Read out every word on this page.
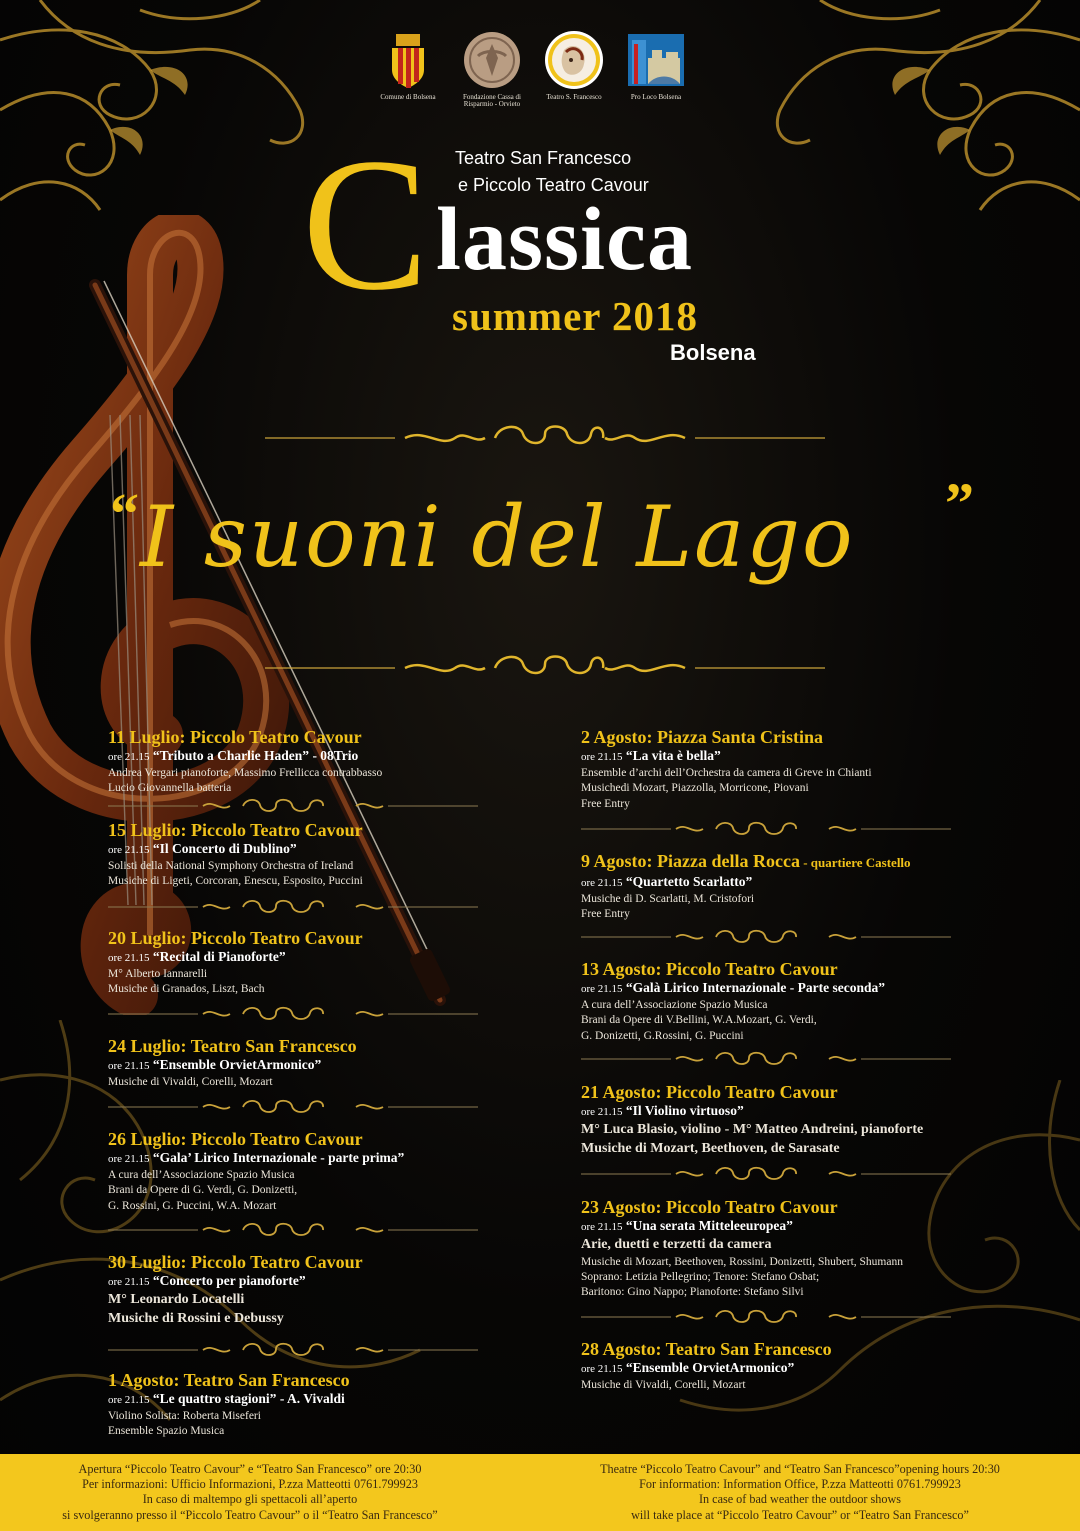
Comune di Bolsena	Fondazione Cassa di Risparmio - Orvieto
Teatro S. Francesco	Pro Loco Bolsena
Teatro San Francesco
e Piccolo Teatro Cavour
C lassica
summer 2018
Bolsena
“ I suoni del Lago ”
11 Luglio: Piccolo Teatro Cavour
ore 21.15 “Tributo a Charlie Haden” - 08Trio
Andrea Vergari pianoforte, Massimo Frellicca contrabbasso
Lucio Giovannella batteria
15 Luglio: Piccolo Teatro Cavour
ore 21.15 “Il Concerto di Dublino”
Solisti della National Symphony Orchestra of Ireland
Musiche di Ligeti, Corcoran, Enescu, Esposito, Puccini
20 Luglio: Piccolo Teatro Cavour
ore 21.15 “Recital di Pianoforte”
M° Alberto Iannarelli
Musiche di Granados, Liszt, Bach
24 Luglio: Teatro San Francesco
ore 21.15 “Ensemble OrvietArmonico”
Musiche di Vivaldi, Corelli, Mozart
26 Luglio: Piccolo Teatro Cavour
ore 21.15 “Gala’ Lirico Internazionale - parte prima”
A cura dell’Associazione Spazio Musica
Brani da Opere di G. Verdi, G. Donizetti,
G. Rossini, G. Puccini, W.A. Mozart
30 Luglio: Piccolo Teatro Cavour
ore 21.15 “Concerto per pianoforte”
M° Leonardo Locatelli
Musiche di Rossini e Debussy
1 Agosto: Teatro San Francesco
ore 21.15 “Le quattro stagioni” - A. Vivaldi
Violino Solista: Roberta Miseferi
Ensemble Spazio Musica
2 Agosto: Piazza Santa Cristina
ore 21.15 “La vita è bella”
Ensemble d’archi dell’Orchestra da camera di Greve in Chianti
Musichedi Mozart, Piazzolla, Morricone, Piovani
Free Entry
9 Agosto: Piazza della Rocca - quartiere Castello
ore 21.15 “Quartetto Scarlatto”
Musiche di D. Scarlatti, M. Cristofori
Free Entry
13 Agosto: Piccolo Teatro Cavour
ore 21.15 “Galà Lirico Internazionale - Parte seconda”
A cura dell’Associazione Spazio Musica
Brani da Opere di V.Bellini, W.A.Mozart, G. Verdi,
G. Donizetti, G.Rossini, G. Puccini
21 Agosto: Piccolo Teatro Cavour
ore 21.15 “Il Violino virtuoso”
M° Luca Blasio, violino - M° Matteo Andreini, pianoforte
Musiche di Mozart, Beethoven, de Sarasate
23 Agosto: Piccolo Teatro Cavour
ore 21.15 “Una serata Mitteleeuropea”
Arie, duetti e terzetti da camera
Musiche di Mozart, Beethoven, Rossini, Donizetti, Shubert, Shumann
Soprano: Letizia Pellegrino; Tenore: Stefano Osbat;
Baritono: Gino Nappo; Pianoforte: Stefano Silvi
28 Agosto: Teatro San Francesco
ore 21.15 “Ensemble OrvietArmonico”
Musiche di Vivaldi, Corelli, Mozart
Apertura “Piccolo Teatro Cavour” e “Teatro San Francesco” ore 20:30
Per informazioni: Ufficio Informazioni, P.zza Matteotti 0761.799923
In caso di maltempo gli spettacoli all’aperto
si svolgeranno presso il “Piccolo Teatro Cavour” o il “Teatro San Francesco”
Theatre “Piccolo Teatro Cavour” and “Teatro San Francesco”opening hours 20:30
For information: Information Office, P.zza Matteotti 0761.799923
In case of bad weather the outdoor shows
will take place at “Piccolo Teatro Cavour” or “Teatro San Francesco”
